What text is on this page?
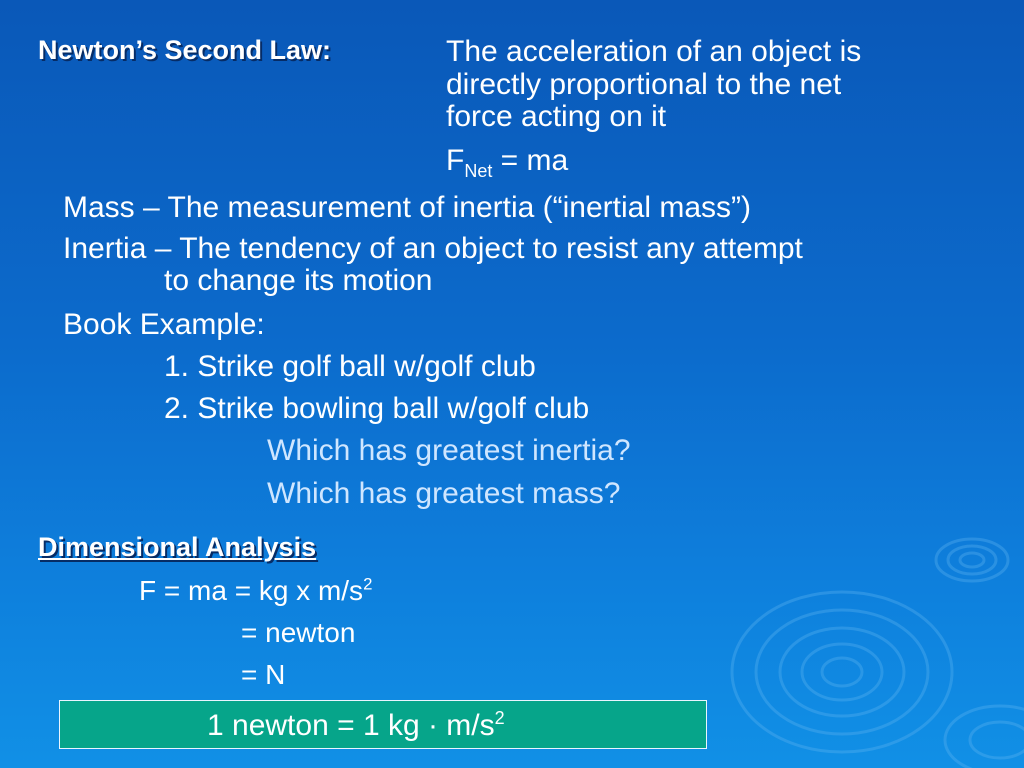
Newton’s Second Law:	The acceleration of an object is
directly proportional to the net
force acting on it
$F_{Net}$ = ma
Mass – The measurement of inertia (“inertial mass”)
Inertia – The tendency of an object to resist any attempt
to change its motion
Book Example:
1. Strike golf ball w/golf club
2. Strike bowling ball w/golf club
Which has greatest inertia?
Which has greatest mass?
Dimensional Analysis
F = ma = kg x $m/s^2$
= newton
= N
1 newton = 1 kg · $m/s^2$
